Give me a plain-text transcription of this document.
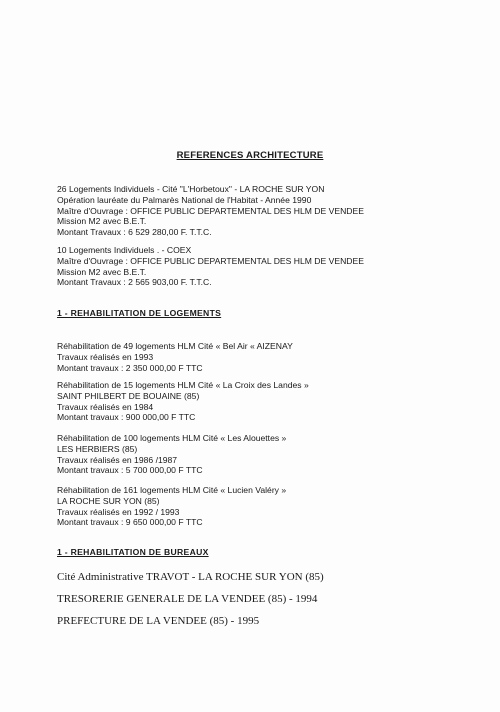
REFERENCES ARCHITECTURE
26 Logements Individuels - Cité "L'Horbetoux" - LA ROCHE SUR YON
Opération lauréate du Palmarès National de l'Habitat - Année 1990
Maître d'Ouvrage : OFFICE PUBLIC DEPARTEMENTAL DES HLM DE VENDEE
Mission M2 avec B.E.T.
Montant Travaux : 6 529 280,00 F. T.T.C.
10 Logements Individuels . - COEX
Maître d'Ouvrage : OFFICE PUBLIC DEPARTEMENTAL DES HLM DE VENDEE
Mission M2 avec B.E.T.
Montant Travaux : 2 565 903,00 F. T.T.C.
1 - REHABILITATION DE LOGEMENTS
Réhabilitation de 49 logements HLM Cité « Bel Air « AIZENAY
Travaux réalisés en 1993
Montant travaux : 2 350 000,00 F TTC
Réhabilitation de 15 logements HLM Cité « La Croix des Landes »
SAINT PHILBERT DE BOUAINE (85)
Travaux réalisés en 1984
Montant travaux : 900 000,00 F TTC
Réhabilitation de 100 logements HLM Cité « Les Alouettes »
LES HERBIERS (85)
Travaux réalisés en 1986 /1987
Montant travaux : 5 700 000,00 F TTC
Réhabilitation de 161 logements HLM Cité « Lucien Valéry »
LA ROCHE SUR YON (85)
Travaux réalisés en 1992 / 1993
Montant travaux : 9 650 000,00 F TTC
1 - REHABILITATION DE BUREAUX
Cité Administrative TRAVOT - LA ROCHE SUR YON (85)
TRESORERIE GENERALE DE LA VENDEE (85) - 1994
PREFECTURE DE LA VENDEE (85) - 1995
